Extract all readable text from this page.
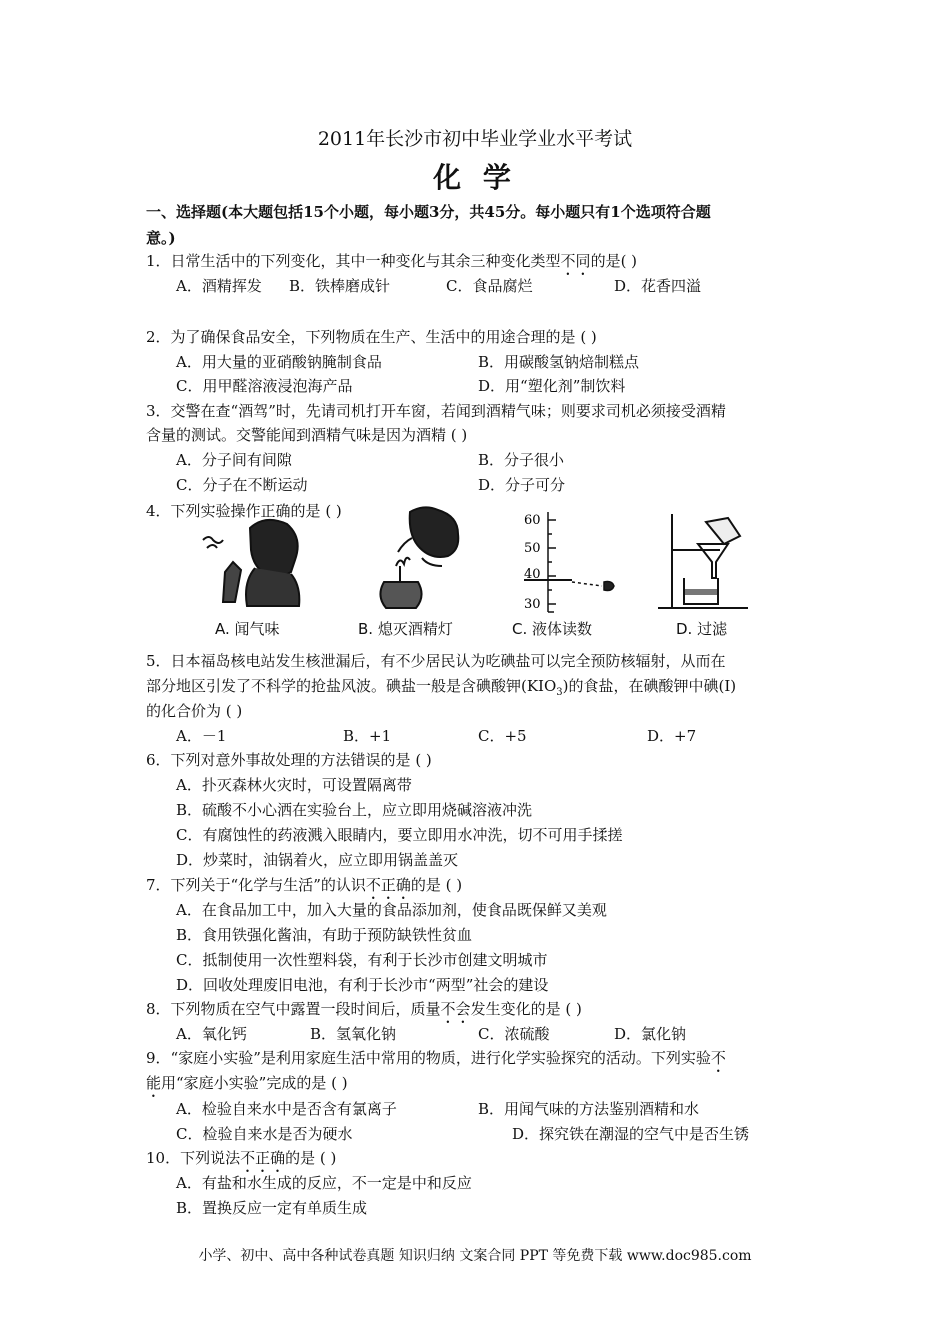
2011年长沙市初中毕业学业水平考试
化 学
一、选择题(本大题包括15个小题，每小题3分，共45分。每小题只有1个选项符合题
意。)
1．日常生活中的下列变化，其中一种变化与其余三种变化类型不同的是( )
A．酒精挥发 B．铁棒磨成针	C．食品腐烂	D．花香四溢
2．为了确保食品安全，下列物质在生产、生活中的用途合理的是 ( )
A．用大量的亚硝酸钠腌制食品	B．用碳酸氢钠焙制糕点
C．用甲醛溶液浸泡海产品	D．用“塑化剂”制饮料
3．交警在查“酒驾”时，先请司机打开车窗，若闻到酒精气味；则要求司机必须接受酒精
含量的测试。交警能闻到酒精气味是因为酒精 ( )
A．分子间有间隙	B．分子很小
C．分子在不断运动	D．分子可分
4．下列实验操作正确的是 ( )
60
50
40
30
A. 闻气味	B. 熄灭酒精灯	C. 液体读数	D. 过滤
5．日本福岛核电站发生核泄漏后，有不少居民认为吃碘盐可以完全预防核辐射，从而在
部分地区引发了不科学的抢盐风波。碘盐一般是含碘酸钾$(KIO_3)$的食盐，在碘酸钾中碘(I)
的化合价为 ( )
A．－1	B．+1	C．+5	D．+7
6．下列对意外事故处理的方法错误的是 ( )
A．扑灭森林火灾时，可设置隔离带
B．硫酸不小心洒在实验台上，应立即用烧碱溶液冲洗
C．有腐蚀性的药液溅入眼睛内，要立即用水冲洗，切不可用手揉搓
D．炒菜时，油锅着火，应立即用锅盖盖灭
7．下列关于“化学与生活”的认识不正确的是 ( )
A．在食品加工中，加入大量的食品添加剂，使食品既保鲜又美观
B．食用铁强化酱油，有助于预防缺铁性贫血
C．抵制使用一次性塑料袋，有利于长沙市创建文明城市
D．回收处理废旧电池，有利于长沙市“两型”社会的建设
8．下列物质在空气中露置一段时间后，质量不会发生变化的是 ( )
A．氧化钙	B．氢氧化钠	C．浓硫酸	D．氯化钠
9．“家庭小实验”是利用家庭生活中常用的物质，进行化学实验探究的活动。下列实验不
能用“家庭小实验”完成的是 ( )
A．检验自来水中是否含有氯离子	B．用闻气味的方法鉴别酒精和水
C．检验自来水是否为硬水	D．探究铁在潮湿的空气中是否生锈
10．下列说法不正确的是 ( )
A．有盐和水生成的反应，不一定是中和反应
B．置换反应一定有单质生成
小学、初中、高中各种试卷真题 知识归纳 文案合同 PPT 等免费下载 www.doc985.com
